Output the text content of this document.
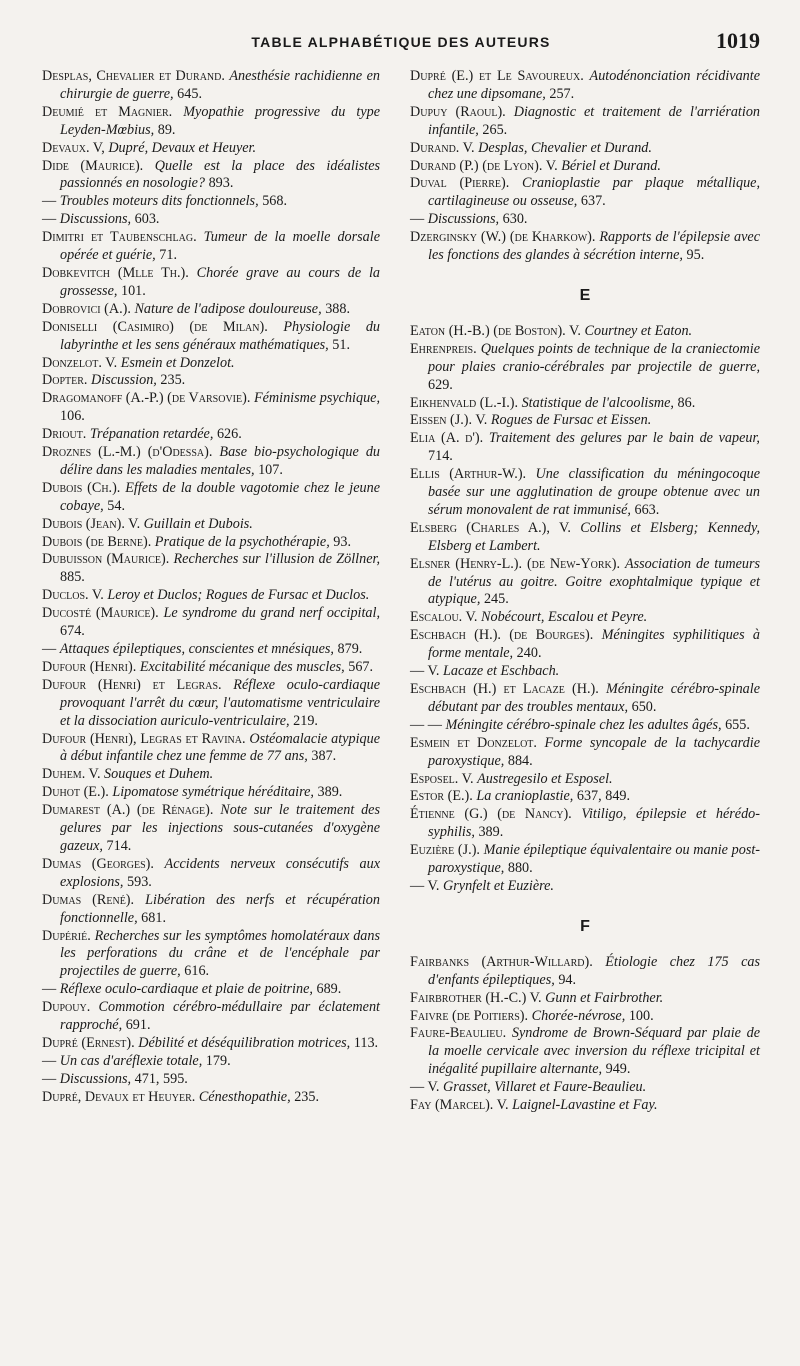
TABLE ALPHABÉTIQUE DES AUTEURS	1019

Desplas, Chevalier et Durand. Anesthésie rachidienne en chirurgie de guerre, 645.

Deumié et Magnier. Myopathie progressive du type Leyden-Mœbius, 89.

Devaux. V, Dupré, Devaux et Heuyer.

Dide (Maurice). Quelle est la place des idéalistes passionnés en nosologie? 893.

— Troubles moteurs dits fonctionnels, 568.

— Discussions, 603.

Dimitri et Taubenschlag. Tumeur de la moelle dorsale opérée et guérie, 71.

Dobkevitch (Mlle Th.). Chorée grave au cours de la grossesse, 101.

Dobrovici (A.). Nature de l'adipose douloureuse, 388.

Doniselli (Casimiro) (de Milan). Physiologie du labyrinthe et les sens généraux mathématiques, 51.

Donzelot. V. Esmein et Donzelot.

Dopter. Discussion, 235.

Dragomanoff (A.-P.) (de Varsovie). Féminisme psychique, 106.

Driout. Trépanation retardée, 626.

Droznes (L.-M.) (d'Odessa). Base bio-psychologique du délire dans les maladies mentales, 107.

Dubois (Ch.). Effets de la double vagotomie chez le jeune cobaye, 54.

Dubois (Jean). V. Guillain et Dubois.

Dubois (de Berne). Pratique de la psychothérapie, 93.

Dubuisson (Maurice). Recherches sur l'illusion de Zöllner, 885.

Duclos. V. Leroy et Duclos; Rogues de Fursac et Duclos.

Ducosté (Maurice). Le syndrome du grand nerf occipital, 674.

— Attaques épileptiques, conscientes et mnésiques, 879.

Dufour (Henri). Excitabilité mécanique des muscles, 567.

Dufour (Henri) et Legras. Réflexe oculo-cardiaque provoquant l'arrêt du cœur, l'automatisme ventriculaire et la dissociation auriculo-ventriculaire, 219.

Dufour (Henri), Legras et Ravina. Ostéomalacie atypique à début infantile chez une femme de 77 ans, 387.

Duhem. V. Souques et Duhem.

Duhot (E.). Lipomatose symétrique héréditaire, 389.

Dumarest (A.) (de Rénage). Note sur le traitement des gelures par les injections sous-cutanées d'oxygène gazeux, 714.

Dumas (Georges). Accidents nerveux consécutifs aux explosions, 593.

Dumas (René). Libération des nerfs et récupération fonctionnelle, 681.

Dupérié. Recherches sur les symptômes homolatéraux dans les perforations du crâne et de l'encéphale par projectiles de guerre, 616.

— Réflexe oculo-cardiaque et plaie de poitrine, 689.

Dupouy. Commotion cérébro-médullaire par éclatement rapproché, 691.

Dupré (Ernest). Débilité et déséquilibration motrices, 113.

— Un cas d'aréflexie totale, 179.

— Discussions, 471, 595.

Dupré, Devaux et Heuyer. Cénesthopathie, 235.

Dupré (E.) et Le Savoureux. Autodénonciation récidivante chez une dipsomane, 257.

Dupuy (Raoul). Diagnostic et traitement de l'arriération infantile, 265.

Durand. V. Desplas, Chevalier et Durand.

Durand (P.) (de Lyon). V. Bériel et Durand.

Duval (Pierre). Cranioplastie par plaque métallique, cartilagineuse ou osseuse, 637.

— Discussions, 630.

Dzerginsky (W.) (de Kharkow). Rapports de l'épilepsie avec les fonctions des glandes à sécrétion interne, 95.

E

Eaton (H.-B.) (de Boston). V. Courtney et Eaton.

Ehrenpreis. Quelques points de technique de la craniectomie pour plaies cranio-cérébrales par projectile de guerre, 629.

Eikhenvald (L.-I.). Statistique de l'alcoolisme, 86.

Eissen (J.). V. Rogues de Fursac et Eissen.

Elia (A. d'). Traitement des gelures par le bain de vapeur, 714.

Ellis (Arthur-W.). Une classification du méningocoque basée sur une agglutination de groupe obtenue avec un sérum monovalent de rat immunisé, 663.

Elsberg (Charles A.), V. Collins et Elsberg; Kennedy, Elsberg et Lambert.

Elsner (Henry-L.). (de New-York). Association de tumeurs de l'utérus au goitre. Goitre exophtalmique typique et atypique, 245.

Escalou. V. Nobécourt, Escalou et Peyre.

Eschbach (H.). (de Bourges). Méningites syphilitiques à forme mentale, 240.

— V. Lacaze et Eschbach.

Eschbach (H.) et Lacaze (H.). Méningite cérébro-spinale débutant par des troubles mentaux, 650.

— — Méningite cérébro-spinale chez les adultes âgés, 655.

Esmein et Donzelot. Forme syncopale de la tachycardie paroxystique, 884.

Esposel. V. Austregesilo et Esposel.

Estor (E.). La cranioplastie, 637, 849.

Étienne (G.) (de Nancy). Vitiligo, épilepsie et hérédo-syphilis, 389.

Euzière (J.). Manie épileptique équivalentaire ou manie post-paroxystique, 880.

— V. Grynfelt et Euzière.

F

Fairbanks (Arthur-Willard). Étiologie chez 175 cas d'enfants épileptiques, 94.

Fairbrother (H.-C.) V. Gunn et Fairbrother.

Faivre (de Poitiers). Chorée-névrose, 100.

Faure-Beaulieu. Syndrome de Brown-Séquard par plaie de la moelle cervicale avec inversion du réflexe tricipital et inégalité pupillaire alternante, 949.

— V. Grasset, Villaret et Faure-Beaulieu.

Fay (Marcel). V. Laignel-Lavastine et Fay.
